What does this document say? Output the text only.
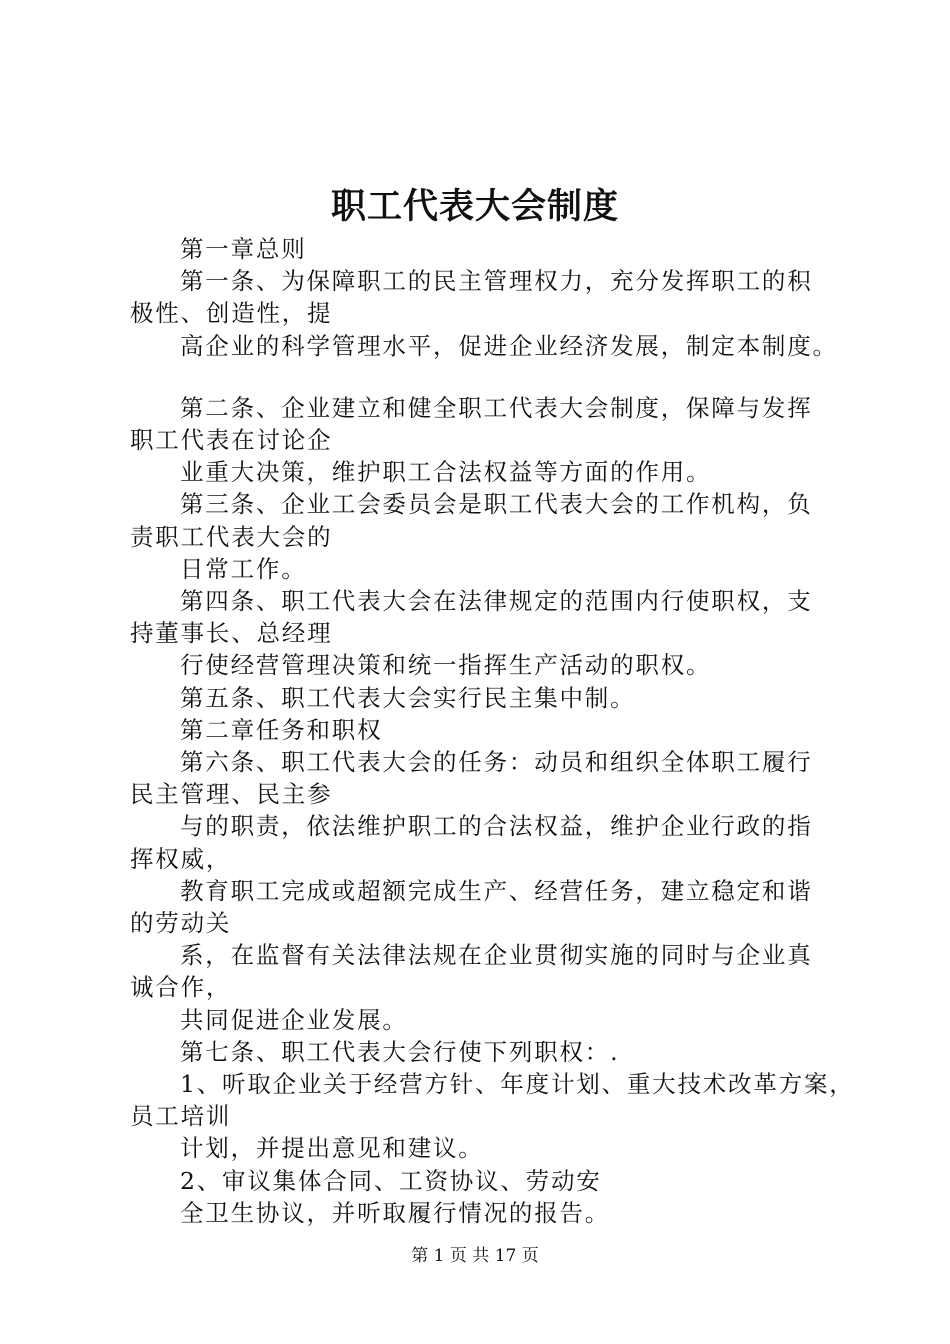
职工代表大会制度

第一章总则

第一条、为保障职工的民主管理权力，充分发挥职工的积
极性、创造性，提

高企业的科学管理水平，促进企业经济发展，制定本制度。

第二条、企业建立和健全职工代表大会制度，保障与发挥
职工代表在讨论企

业重大决策，维护职工合法权益等方面的作用。

第三条、企业工会委员会是职工代表大会的工作机构，负
责职工代表大会的

日常工作。

第四条、职工代表大会在法律规定的范围内行使职权，支
持董事长、总经理

行使经营管理决策和统一指挥生产活动的职权。

第五条、职工代表大会实行民主集中制。

第二章任务和职权

第六条、职工代表大会的任务：动员和组织全体职工履行
民主管理、民主参

与的职责，依法维护职工的合法权益，维护企业行政的指
挥权威，

教育职工完成或超额完成生产、经营任务，建立稳定和谐
的劳动关

系，在监督有关法律法规在企业贯彻实施的同时与企业真
诚合作，

共同促进企业发展。

第七条、职工代表大会行使下列职权：.

1、听取企业关于经营方针、年度计划、重大技术改革方案，
员工培训

计划，并提出意见和建议。

2、审议集体合同、工资协议、劳动安

全卫生协议，并听取履行情况的报告。

第 1 页 共 17 页
